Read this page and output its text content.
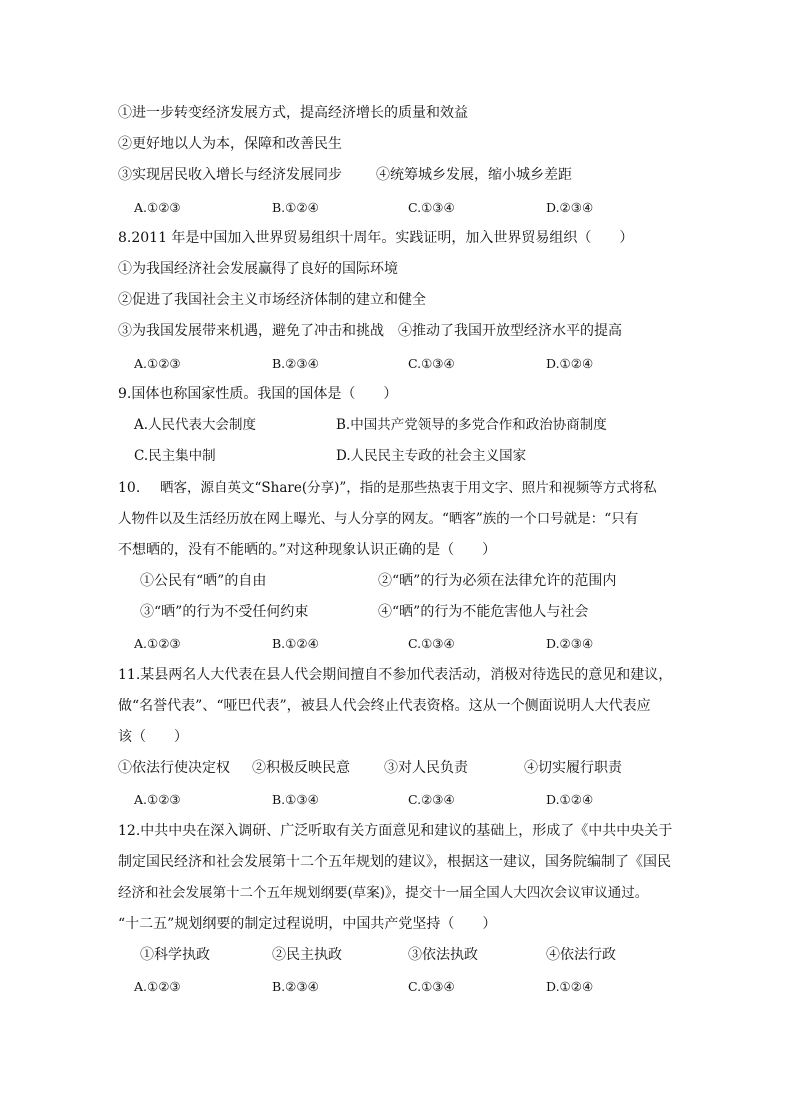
①进一步转变经济发展方式，提高经济增长的质量和效益
②更好地以人为本，保障和改善民生
③实现居民收入增长与经济发展同步 ④统筹城乡发展，缩小城乡差距
A.①②③	B.①②④	C.①③④	D.②③④
8.2011 年是中国加入世界贸易组织十周年。实践证明，加入世界贸易组织（　　）
①为我国经济社会发展赢得了良好的国际环境
②促进了我国社会主义市场经济体制的建立和健全
③为我国发展带来机遇，避免了冲击和挑战 ④推动了我国开放型经济水平的提高
A.①②③	B.②③④	C.①③④	D.①②④
9.国体也称国家性质。我国的国体是（　　）
A.人民代表大会制度	B.中国共产党领导的多党合作和政治协商制度
C.民主集中制	D.人民民主专政的社会主义国家
10. 晒客，源自英文“Share(分享)”，指的是那些热衷于用文字、照片和视频等方式将私
人物件以及生活经历放在网上曝光、与人分享的网友。“晒客”族的一个口号就是：“只有
不想晒的，没有不能晒的。”对这种现象认识正确的是（　　）
①公民有“晒”的自由	②“晒”的行为必须在法律允许的范围内
③“晒”的行为不受任何约束	④“晒”的行为不能危害他人与社会
A.①②③	B.①②④	C.①③④	D.②③④
11.某县两名人大代表在县人代会期间擅自不参加代表活动，消极对待选民的意见和建议，
做“名誉代表”、“哑巴代表”，被县人代会终止代表资格。这从一个侧面说明人大代表应
该（　　）
①依法行使决定权 ②积极反映民意 ③对人民负责	④切实履行职责
A.①②③	B.①③④	C.②③④	D.①②④
12.中共中央在深入调研、广泛听取有关方面意见和建议的基础上，形成了《中共中央关于
制定国民经济和社会发展第十二个五年规划的建议》，根据这一建议，国务院编制了《国民
经济和社会发展第十二个五年规划纲要(草案)》，提交十一届全国人大四次会议审议通过。
“十二五”规划纲要的制定过程说明，中国共产党坚持（　　）
①科学执政	②民主执政	③依法执政	④依法行政
A.①②③	B.②③④	C.①③④	D.①②④
